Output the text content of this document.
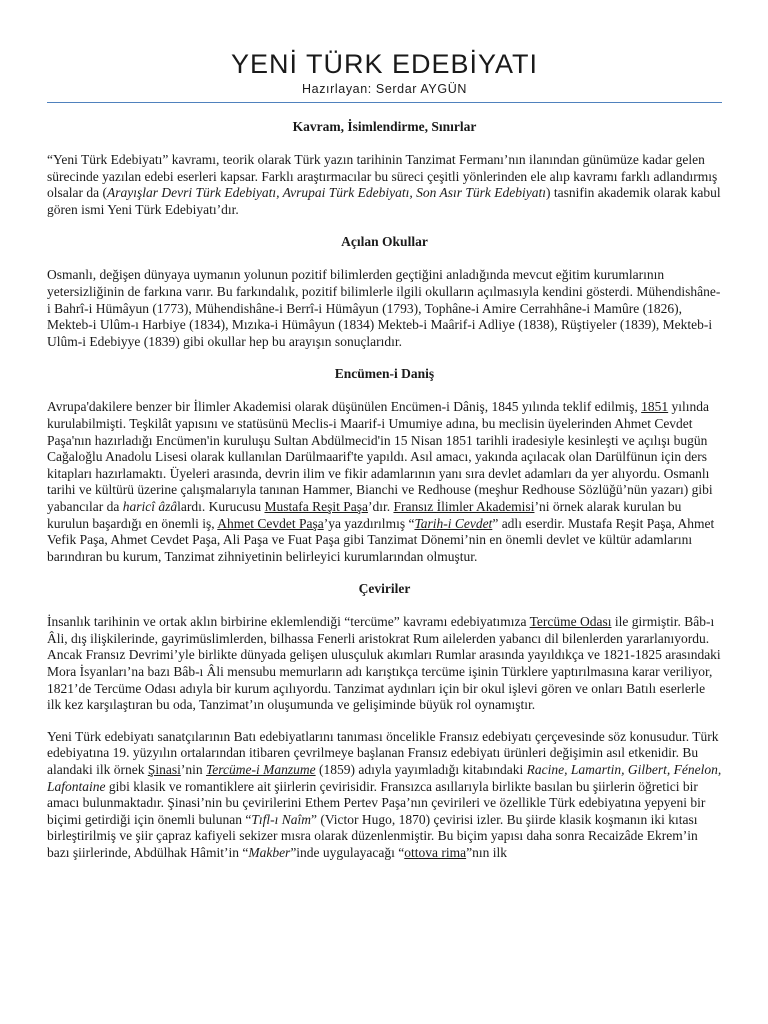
YENİ TÜRK EDEBİYATI
Hazırlayan: Serdar AYGÜN
Kavram, İsimlendirme, Sınırlar

“Yeni Türk Edebiyatı” kavramı, teorik olarak Türk yazın tarihinin Tanzimat Fermanı’nın ilanından günümüze kadar gelen sürecinde yazılan edebi eserleri kapsar. Farklı araştırmacılar bu süreci çeşitli yönlerinden ele alıp kavramı farklı adlandırmış olsalar da (Arayışlar Devri Türk Edebiyatı, Avrupai Türk Edebiyatı, Son Asır Türk Edebiyatı) tasnifin akademik olarak kabul gören ismi Yeni Türk Edebiyatı’dır.

Açılan Okullar

Osmanlı, değişen dünyaya uymanın yolunun pozitif bilimlerden geçtiğini anladığında mevcut eğitim kurumlarının yetersizliğinin de farkına varır. Bu farkındalık, pozitif bilimlerle ilgili okulların açılmasıyla kendini gösterdi. Mühendishâne-i Bahrî-i Hümâyun (1773), Mühendishâne-i Berrî-i Hümâyun (1793), Tophâne-i Amire Cerrahhâne-i Mamûre (1826), Mekteb-i Ulûm-ı Harbiye (1834), Mızıka-i Hümâyun (1834) Mekteb-i Maârif-i Adliye (1838), Rüştiyeler (1839), Mekteb-i Ulûm-i Edebiyye (1839) gibi okullar hep bu arayışın sonuçlarıdır.

Encümen-i Daniş

Avrupa'dakilere benzer bir İlimler Akademisi olarak düşünülen Encümen-i Dâniş, 1845 yılında teklif edilmiş, 1851 yılında kurulabilmişti. Teşkilât yapısını ve statüsünü Meclis-i Maarif-i Umumiye adına, bu meclisin üyelerinden Ahmet Cevdet Paşa'nın hazırladığı Encümen'in kuruluşu Sultan Abdülmecid'in 15 Nisan 1851 tarihli iradesiyle kesinleşti ve açılışı bugün Cağaloğlu Anadolu Lisesi olarak kullanılan Darülmaarif'te yapıldı. Asıl amacı, yakında açılacak olan Darülfünun için ders kitapları hazırlamaktı. Üyeleri arasında, devrin ilim ve fikir adamlarının yanı sıra devlet adamları da yer alıyordu. Osmanlı tarihi ve kültürü üzerine çalışmalarıyla tanınan Hammer, Bianchi ve Redhouse (meşhur Redhouse Sözlüğü’nün yazarı) gibi yabancılar da haricî âzâlardı. Kurucusu Mustafa Reşit Paşa’dır. Fransız İlimler Akademisi’ni örnek alarak kurulan bu kurulun başardığı en önemli iş, Ahmet Cevdet Paşa’ya yazdırılmış “Tarih-i Cevdet” adlı eserdir. Mustafa Reşit Paşa, Ahmet Vefik Paşa, Ahmet Cevdet Paşa, Ali Paşa ve Fuat Paşa gibi Tanzimat Dönemi’nin en önemli devlet ve kültür adamlarını barındıran bu kurum, Tanzimat zihniyetinin belirleyici kurumlarından olmuştur.

Çeviriler

İnsanlık tarihinin ve ortak aklın birbirine eklemlendiği “tercüme” kavramı edebiyatımıza Tercüme Odası ile girmiştir. Bâb-ı Âli, dış ilişkilerinde, gayrimüslimlerden, bilhassa Fenerli aristokrat Rum ailelerden yabancı dil bilenlerden yararlanıyordu. Ancak Fransız Devrimi’yle birlikte dünyada gelişen ulusçuluk akımları Rumlar arasında yayıldıkça ve 1821-1825 arasındaki Mora İsyanları’na bazı Bâb-ı Âli mensubu memurların adı karıştıkça tercüme işinin Türklere yaptırılmasına karar veriliyor, 1821’de Tercüme Odası adıyla bir kurum açılıyordu. Tanzimat aydınları için bir okul işlevi gören ve onları Batılı eserlerle ilk kez karşılaştıran bu oda, Tanzimat’ın oluşumunda ve gelişiminde büyük rol oynamıştır.

Yeni Türk edebiyatı sanatçılarının Batı edebiyatlarını tanıması öncelikle Fransız edebiyatı çerçevesinde söz konusudur. Türk edebiyatına 19. yüzyılın ortalarından itibaren çevrilmeye başlanan Fransız edebiyatı ürünleri değişimin asıl etkenidir. Bu alandaki ilk örnek Şinasi’nin Tercüme-i Manzume (1859) adıyla yayımladığı kitabındaki Racine, Lamartin, Gilbert, Fénelon, Lafontaine gibi klasik ve romantiklere ait şiirlerin çevirisidir. Fransızca asıllarıyla birlikte basılan bu şiirlerin öğretici bir amacı bulunmaktadır. Şinasi’nin bu çevirilerini Ethem Pertev Paşa’nın çevirileri ve özellikle Türk edebiyatına yepyeni bir biçimi getirdiği için önemli bulunan “Tıfl-ı Naîm” (Victor Hugo, 1870) çevirisi izler. Bu şiirde klasik koşmanın iki kıtası birleştirilmiş ve şiir çapraz kafiyeli sekizer mısra olarak düzenlenmiştir. Bu biçim yapısı daha sonra Recaizâde Ekrem’in bazı şiirlerinde, Abdülhak Hâmit’in “Makber”inde uygulayacağı “ottova rima”nın ilk
